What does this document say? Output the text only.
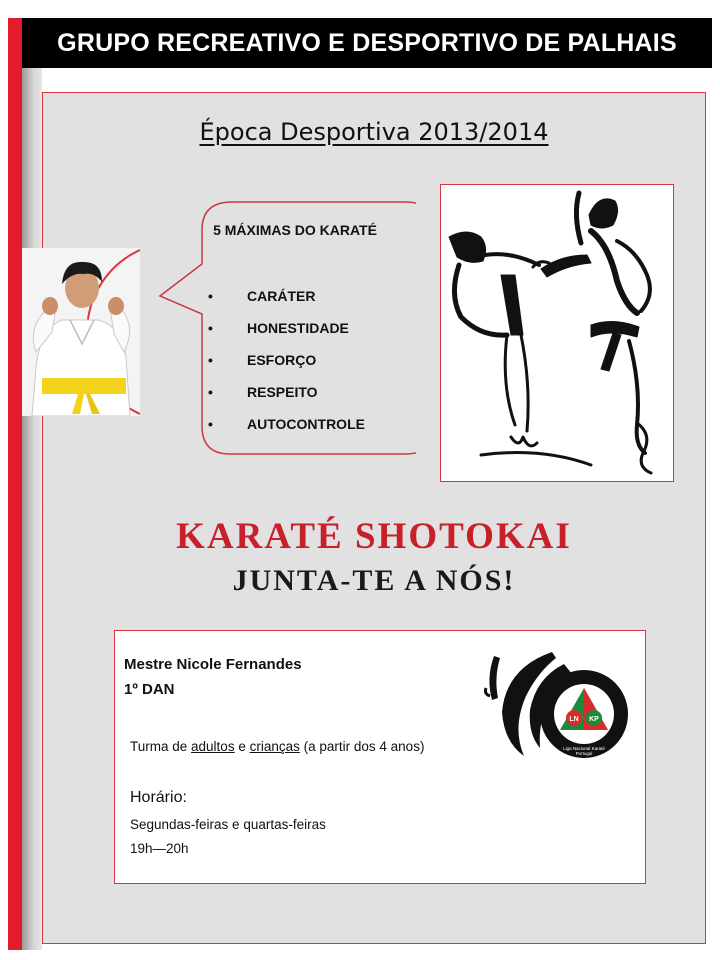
GRUPO RECREATIVO E DESPORTIVO DE PALHAIS
Época Desportiva 2013/2014
5 MÁXIMAS DO KARATÉ
•	CARÁTER
•	HONESTIDADE
•	ESFORÇO
•	RESPEITO
•	AUTOCONTROLE
KARATÉ SHOTOKAI
JUNTA-TE A NÓS!
Mestre Nicole Fernandes
1º DAN
Turma de adultos e crianças (a partir dos 4 anos)
Horário:
Segundas-feiras e quartas-feiras
19h—20h
LN KP
Liga Nacional Karaté
Portugal
